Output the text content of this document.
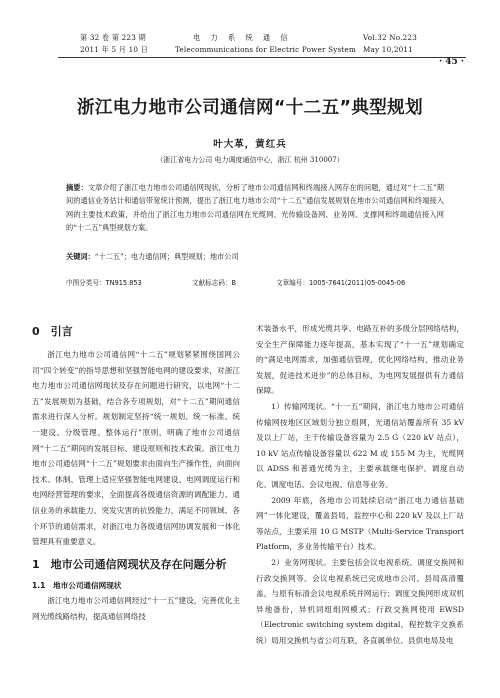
第 32 卷 第 223 期	电 力 系 统 通 信	Vol.32 No.223
2011 年 5 月 10 日	Telecommunications for Electric Power System May 10,2011
· 45 ·
浙江电力地市公司通信网“十二五”典型规划
叶大革，黄红兵
（浙江省电力公司 电力调度通信中心，浙江 杭州 310007）
摘要：文章介绍了浙江电力地市公司通信网现状，分析了地市公司通信网和终端接入网存在的问题，通过对“十二五”期间的通信业务估计和通信带宽统计预测，提出了浙江电力地市公司“十二五”通信发展规划在地市公司通信网和终端接入网的主要技术政策，并给出了浙江电力地市公司通信网在光缆网、光传输设备网、业务网、支撑网和终端通信接入网的“十二五”典型规划方案。
关键词：“十二五”；电力通信网；典型规划；地市公司
中图分类号：TN915.853	文献标志码：B	文章编号：1005-7641(2011)05-0045-06
0　引言

浙江电力地市公司通信网“十二五”规划紧紧围绕国网公司“四个转变”的指导思想和坚强智能电网的建设要求，对浙江电力地市公司通信网现状及存在问题进行研究，以电网“十二五”发展规划为基础，结合各专项规划，对“十二五”期间通信需求进行深入分析。规划制定坚持“统一规划、统一标准、统一建设、分级管理、整体运行”原则，明确了地市公司通信网“十二五”期间的发展目标、建设原则和技术政策。浙江电力地市公司通信网“十二五”规划要求由面向生产操作性，向面向技术、体制、管理上适应坚强智能电网建设、电网调度运行和电网经营管理的要求，全面提高各级通信资源的调配能力、通信业务的承载能力、突发灾害的抗毁能力，满足不同领域、各个环节的通信需求，对浙江电力各级通信网协调发展和一体化管理具有重要意义。

1　地市公司通信网现状及存在问题分析
1.1　地市公司通信网现状

浙江电力地市公司通信网经过“十一五”建设，完善优化主网光缆线路结构，提高通信网络技

术装备水平，形成光缆共享、电路互补的多级分层网络结构，安全生产保障能力逐年提高，基本实现了“十一五”规划确定的“满足电网需求，加强通信管理，优化网络结构，推动业务发展，促进技术进步”的总体目标，为电网发展提供有力通信保障。

1）传输网现状。“十一五”期间，浙江电力地市公司通信传输网按地区区域划分独立组网，光通信站覆盖所有 35 kV 及以上厂站，主干传输设备容量为 2.5 G（220 kV 站点），10 kV 站点传输设备容量以 622 M 或 155 M 为主，光缆网以 ADSS 和普通光缆为主，主要承载继电保护、调度自动化、调度电话、会议电视、信息等业务。

2009 年底，各地市公司陆续启动“浙江电力通信基础网”一体化建设，覆盖县局、监控中心和 220 kV 及以上厂站等站点，主要采用 10 G MSTP（Multi-Service Transport Platform，多业务传输平台）技术。

2）业务网现状。主要包括会议电视系统、调度交换网和行政交换网等。会议电视系统已完成地市公司、县局高清覆盖，与原有标清会议电视系统并网运行；调度交换网形成双机异地备份，异机同组组网模式；行政交换网使用 EWSD（Electronic switching system digital，程控数字交换系统）局用交换机与省公司互联，各直属单位、县供电局及电
